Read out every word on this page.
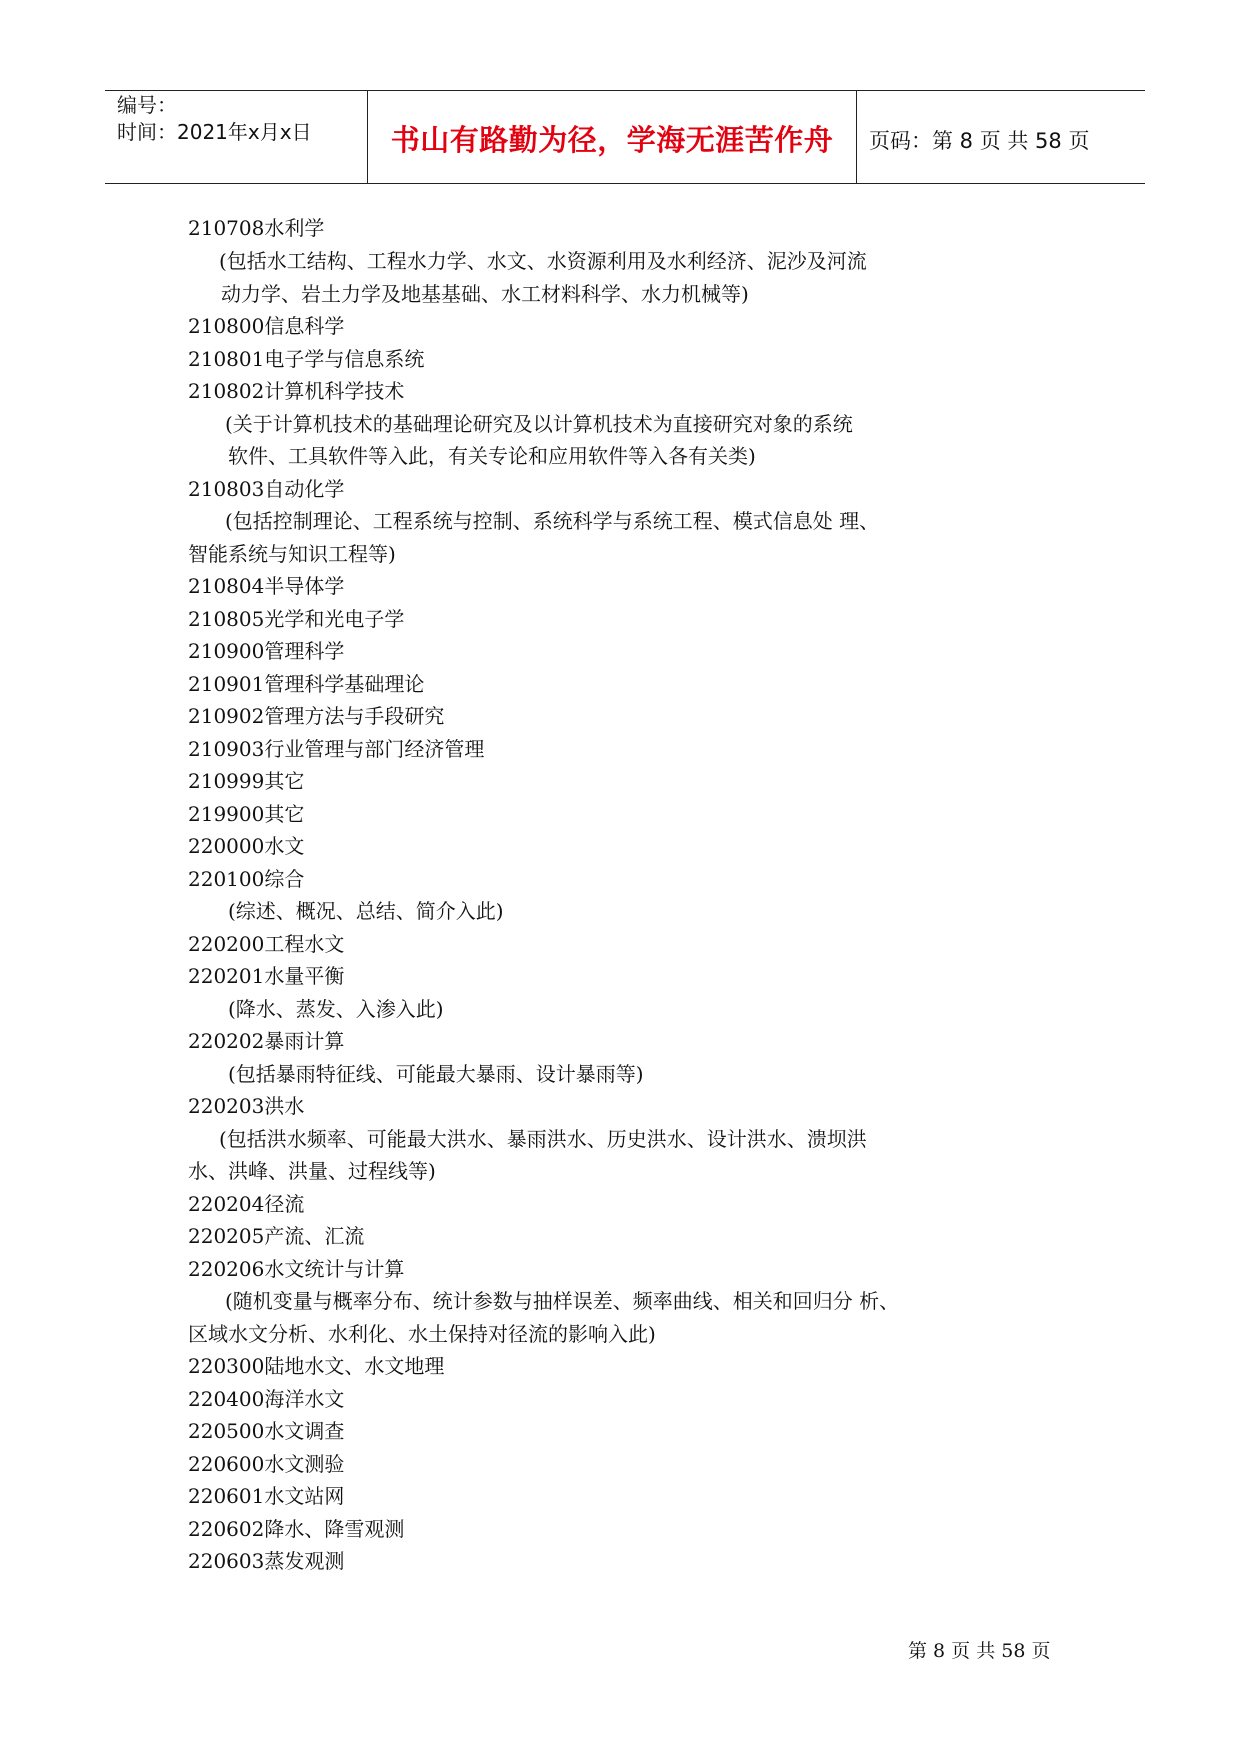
编号：
时间：2021年x月x日	书山有路勤为径，学海无涯苦作舟	页码：第 8 页 共 58 页
210708水利学
(包括水工结构、工程水力学、水文、水资源利用及水利经济、泥沙及河流
动力学、岩土力学及地基基础、水工材料科学、水力机械等)
210800信息科学
210801电子学与信息系统
210802计算机科学技术
(关于计算机技术的基础理论研究及以计算机技术为直接研究对象的系统
软件、工具软件等入此，有关专论和应用软件等入各有关类)
210803自动化学
(包括控制理论、工程系统与控制、系统科学与系统工程、模式信息处 理、
智能系统与知识工程等)
210804半导体学
210805光学和光电子学
210900管理科学
210901管理科学基础理论
210902管理方法与手段研究
210903行业管理与部门经济管理
210999其它
219900其它
220000水文
220100综合
(综述、概况、总结、简介入此)
220200工程水文
220201水量平衡
(降水、蒸发、入渗入此)
220202暴雨计算
(包括暴雨特征线、可能最大暴雨、设计暴雨等)
220203洪水
(包括洪水频率、可能最大洪水、暴雨洪水、历史洪水、设计洪水、溃坝洪
水、洪峰、洪量、过程线等)
220204径流
220205产流、汇流
220206水文统计与计算
(随机变量与概率分布、统计参数与抽样误差、频率曲线、相关和回归分 析、
区域水文分析、水利化、水土保持对径流的影响入此)
220300陆地水文、水文地理
220400海洋水文
220500水文调查
220600水文测验
220601水文站网
220602降水、降雪观测
220603蒸发观测
第 8 页 共 58 页
